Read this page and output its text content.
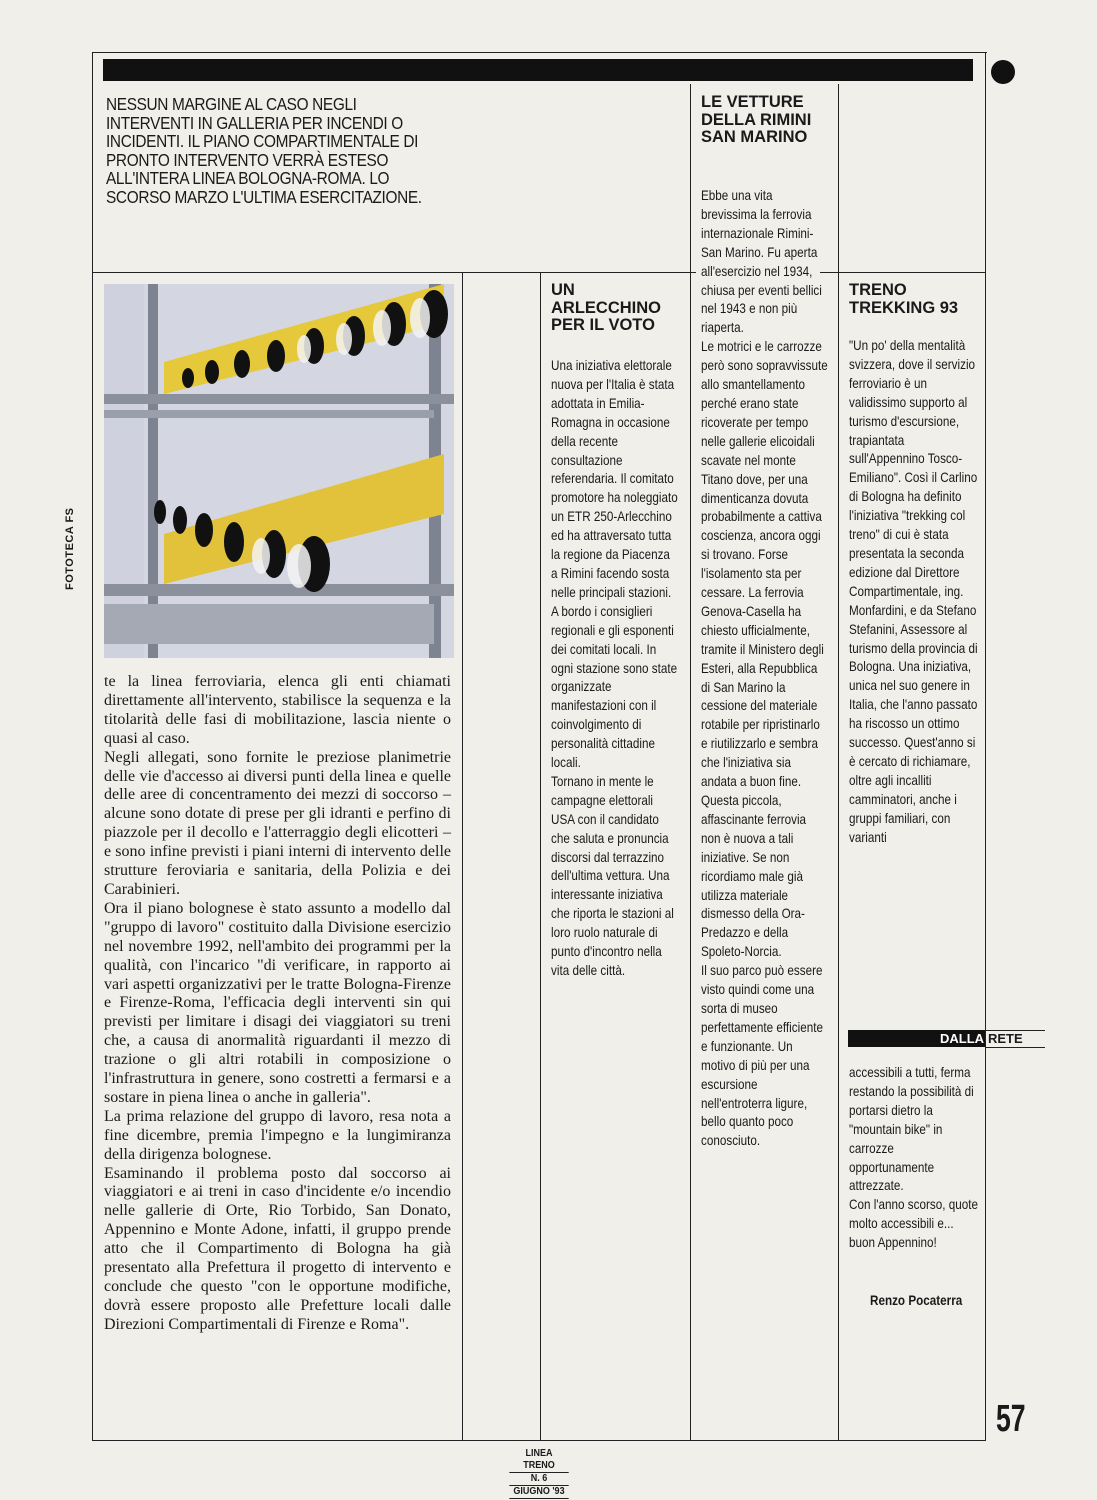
NESSUN MARGINE AL CASO NEGLI INTERVENTI IN GALLERIA PER INCENDI O INCIDENTI. IL PIANO COMPARTIMENTALE DI PRONTO INTERVENTO VERRÀ ESTESO ALL'INTERA LINEA BOLOGNA-ROMA. LO SCORSO MARZO L'ULTIMA ESERCITAZIONE.
FOTOTECA FS

te la linea ferroviaria, elenca gli enti chiamati direttamente all'intervento, stabilisce la sequenza e la titolarità delle fasi di mobilitazione, lascia niente o quasi al caso.

Negli allegati, sono fornite le preziose planimetrie delle vie d'accesso ai diversi punti della linea e quelle delle aree di concentramento dei mezzi di soccorso – alcune sono dotate di prese per gli idranti e perfino di piazzole per il decollo e l'atterraggio degli elicotteri – e sono infine previsti i piani interni di intervento delle strutture feroviaria e sanitaria, della Polizia e dei Carabinieri.

Ora il piano bolognese è stato assunto a modello dal "gruppo di lavoro" costituito dalla Divisione esercizio nel novembre 1992, nell'ambito dei programmi per la qualità, con l'incarico "di verificare, in rapporto ai vari aspetti organizzativi per le tratte Bologna-Firenze e Firenze-Roma, l'efficacia degli interventi sin qui previsti per limitare i disagi dei viaggiatori su treni che, a causa di anormalità riguardanti il mezzo di trazione o gli altri rotabili in composizione o l'infrastruttura in genere, sono costretti a fermarsi e a sostare in piena linea o anche in galleria".

La prima relazione del gruppo di lavoro, resa nota a fine dicembre, premia l'impegno e la lungimiranza della dirigenza bolognese.

Esaminando il problema posto dal soccorso ai viaggiatori e ai treni in caso d'incidente e/o incendio nelle gallerie di Orte, Rio Torbido, San Donato, Appennino e Monte Adone, infatti, il gruppo prende atto che il Compartimento di Bologna ha già presentato alla Prefettura il progetto di intervento e conclude che questo "con le opportune modifiche, dovrà essere proposto alle Prefetture locali dalle Direzioni Compartimentali di Firenze e Roma".

UN ARLECCHINO PER IL VOTO
Una iniziativa elettorale nuova per l'Italia è stata adottata in Emilia-Romagna in occasione della recente consultazione referendaria. Il comitato promotore ha noleggiato un ETR 250-Arlecchino ed ha attraversato tutta la regione da Piacenza a Rimini facendo sosta nelle principali stazioni. A bordo i consiglieri regionali e gli esponenti dei comitati locali. In ogni stazione sono state organizzate manifestazioni con il coinvolgimento di personalità cittadine locali.
Tornano in mente le campagne elettorali USA con il candidato che saluta e pronuncia discorsi dal terrazzino dell'ultima vettura. Una interessante iniziativa che riporta le stazioni al loro ruolo naturale di punto d'incontro nella vita delle città.
LE VETTURE DELLA RIMINI SAN MARINO
Ebbe una vita brevissima la ferrovia internazionale Rimini-San Marino. Fu aperta all'esercizio nel 1934, chiusa per eventi bellici nel 1943 e non più riaperta.
Le motrici e le carrozze però sono sopravvissute allo smantellamento perché erano state ricoverate per tempo nelle gallerie elicoidali scavate nel monte Titano dove, per una dimenticanza dovuta probabilmente a cattiva coscienza, ancora oggi si trovano. Forse l'isolamento sta per cessare. La ferrovia Genova-Casella ha chiesto ufficialmente, tramite il Ministero degli Esteri, alla Repubblica di San Marino la cessione del materiale rotabile per ripristinarlo e riutilizzarlo e sembra che l'iniziativa sia andata a buon fine. Questa piccola, affascinante ferrovia non è nuova a tali iniziative. Se non ricordiamo male già utilizza materiale dismesso della Ora-Predazzo e della Spoleto-Norcia.
Il suo parco può essere visto quindi come una sorta di museo perfettamente efficiente e funzionante. Un motivo di più per una escursione nell'entroterra ligure, bello quanto poco conosciuto.
TRENO TREKKING 93
"Un po' della mentalità svizzera, dove il servizio ferroviario è un validissimo supporto al turismo d'escursione, trapiantata sull'Appennino Tosco-Emiliano". Così il Carlino di Bologna ha definito l'iniziativa "trekking col treno" di cui è stata presentata la seconda edizione dal Direttore Compartimentale, ing. Monfardini, e da Stefano Stefanini, Assessore al turismo della provincia di Bologna. Una iniziativa, unica nel suo genere in Italia, che l'anno passato ha riscosso un ottimo successo. Quest'anno si è cercato di richiamare, oltre agli incalliti camminatori, anche i gruppi familiari, con varianti
DALLA RETE
accessibili a tutti, ferma restando la possibilità di portarsi dietro la "mountain bike" in carrozze opportunamente attrezzate.
Con l'anno scorso, quote molto accessibili e... buon Appennino!
Renzo Pocaterra
57
LINEA TRENO
N. 6
GIUGNO '93
